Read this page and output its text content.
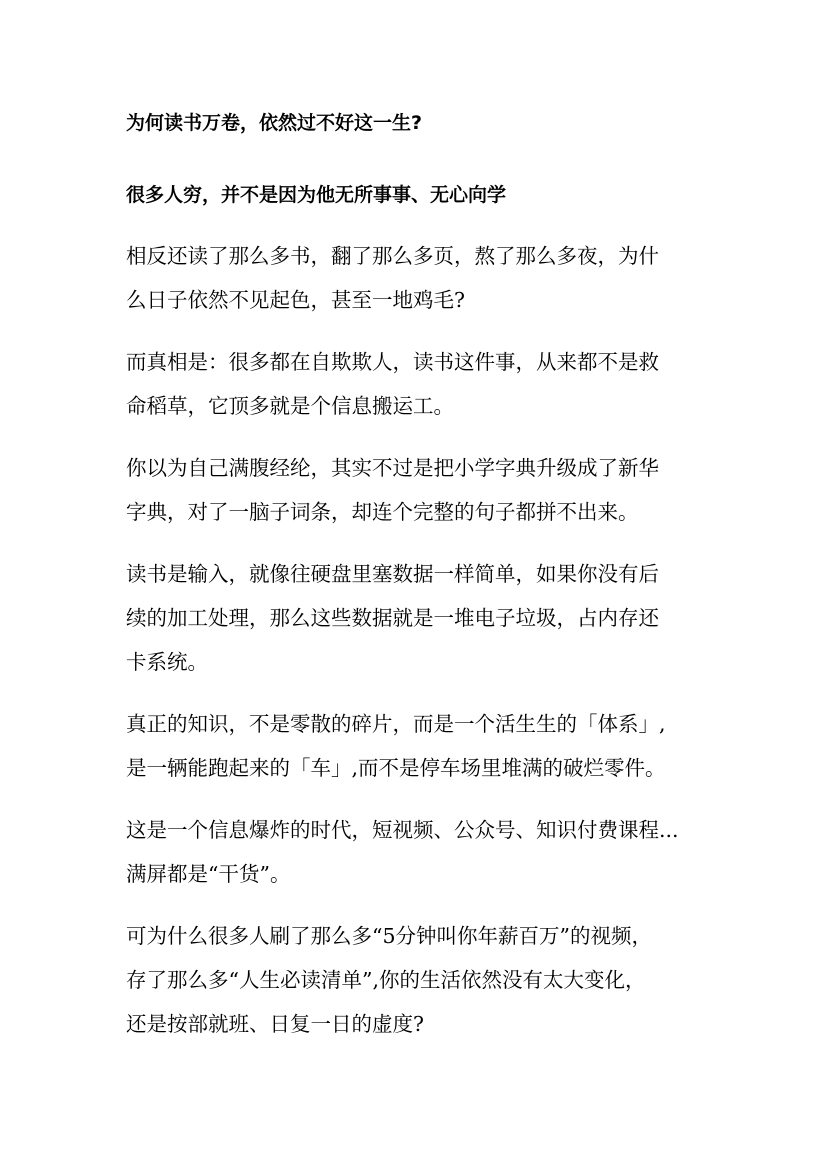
为何读书万卷，依然过不好这一生?
很多人穷，并不是因为他无所事事、无心向学

相反还读了那么多书，翻了那么多页，熬了那么多夜，为什
么日子依然不见起色，甚至一地鸡毛?

而真相是：很多都在自欺欺人，读书这件事，从来都不是救
命稻草，它顶多就是个信息搬运工。

你以为自己满腹经纶，其实不过是把小学字典升级成了新华
字典，对了一脑子词条，却连个完整的句子都拼不出来。

读书是输入，就像往硬盘里塞数据一样简单，如果你没有后
续的加工处理，那么这些数据就是一堆电子垃圾，占内存还
卡系统。

真正的知识，不是零散的碎片，而是一个活生生的「体系」,
是一辆能跑起来的「车」,而不是停车场里堆满的破烂零件。

这是一个信息爆炸的时代，短视频、公众号、知识付费课程...
满屏都是“干货”。

可为什么很多人刷了那么多“5分钟叫你年薪百万”的视频，
存了那么多“人生必读清单”,你的生活依然没有太大变化，
还是按部就班、日复一日的虚度?
